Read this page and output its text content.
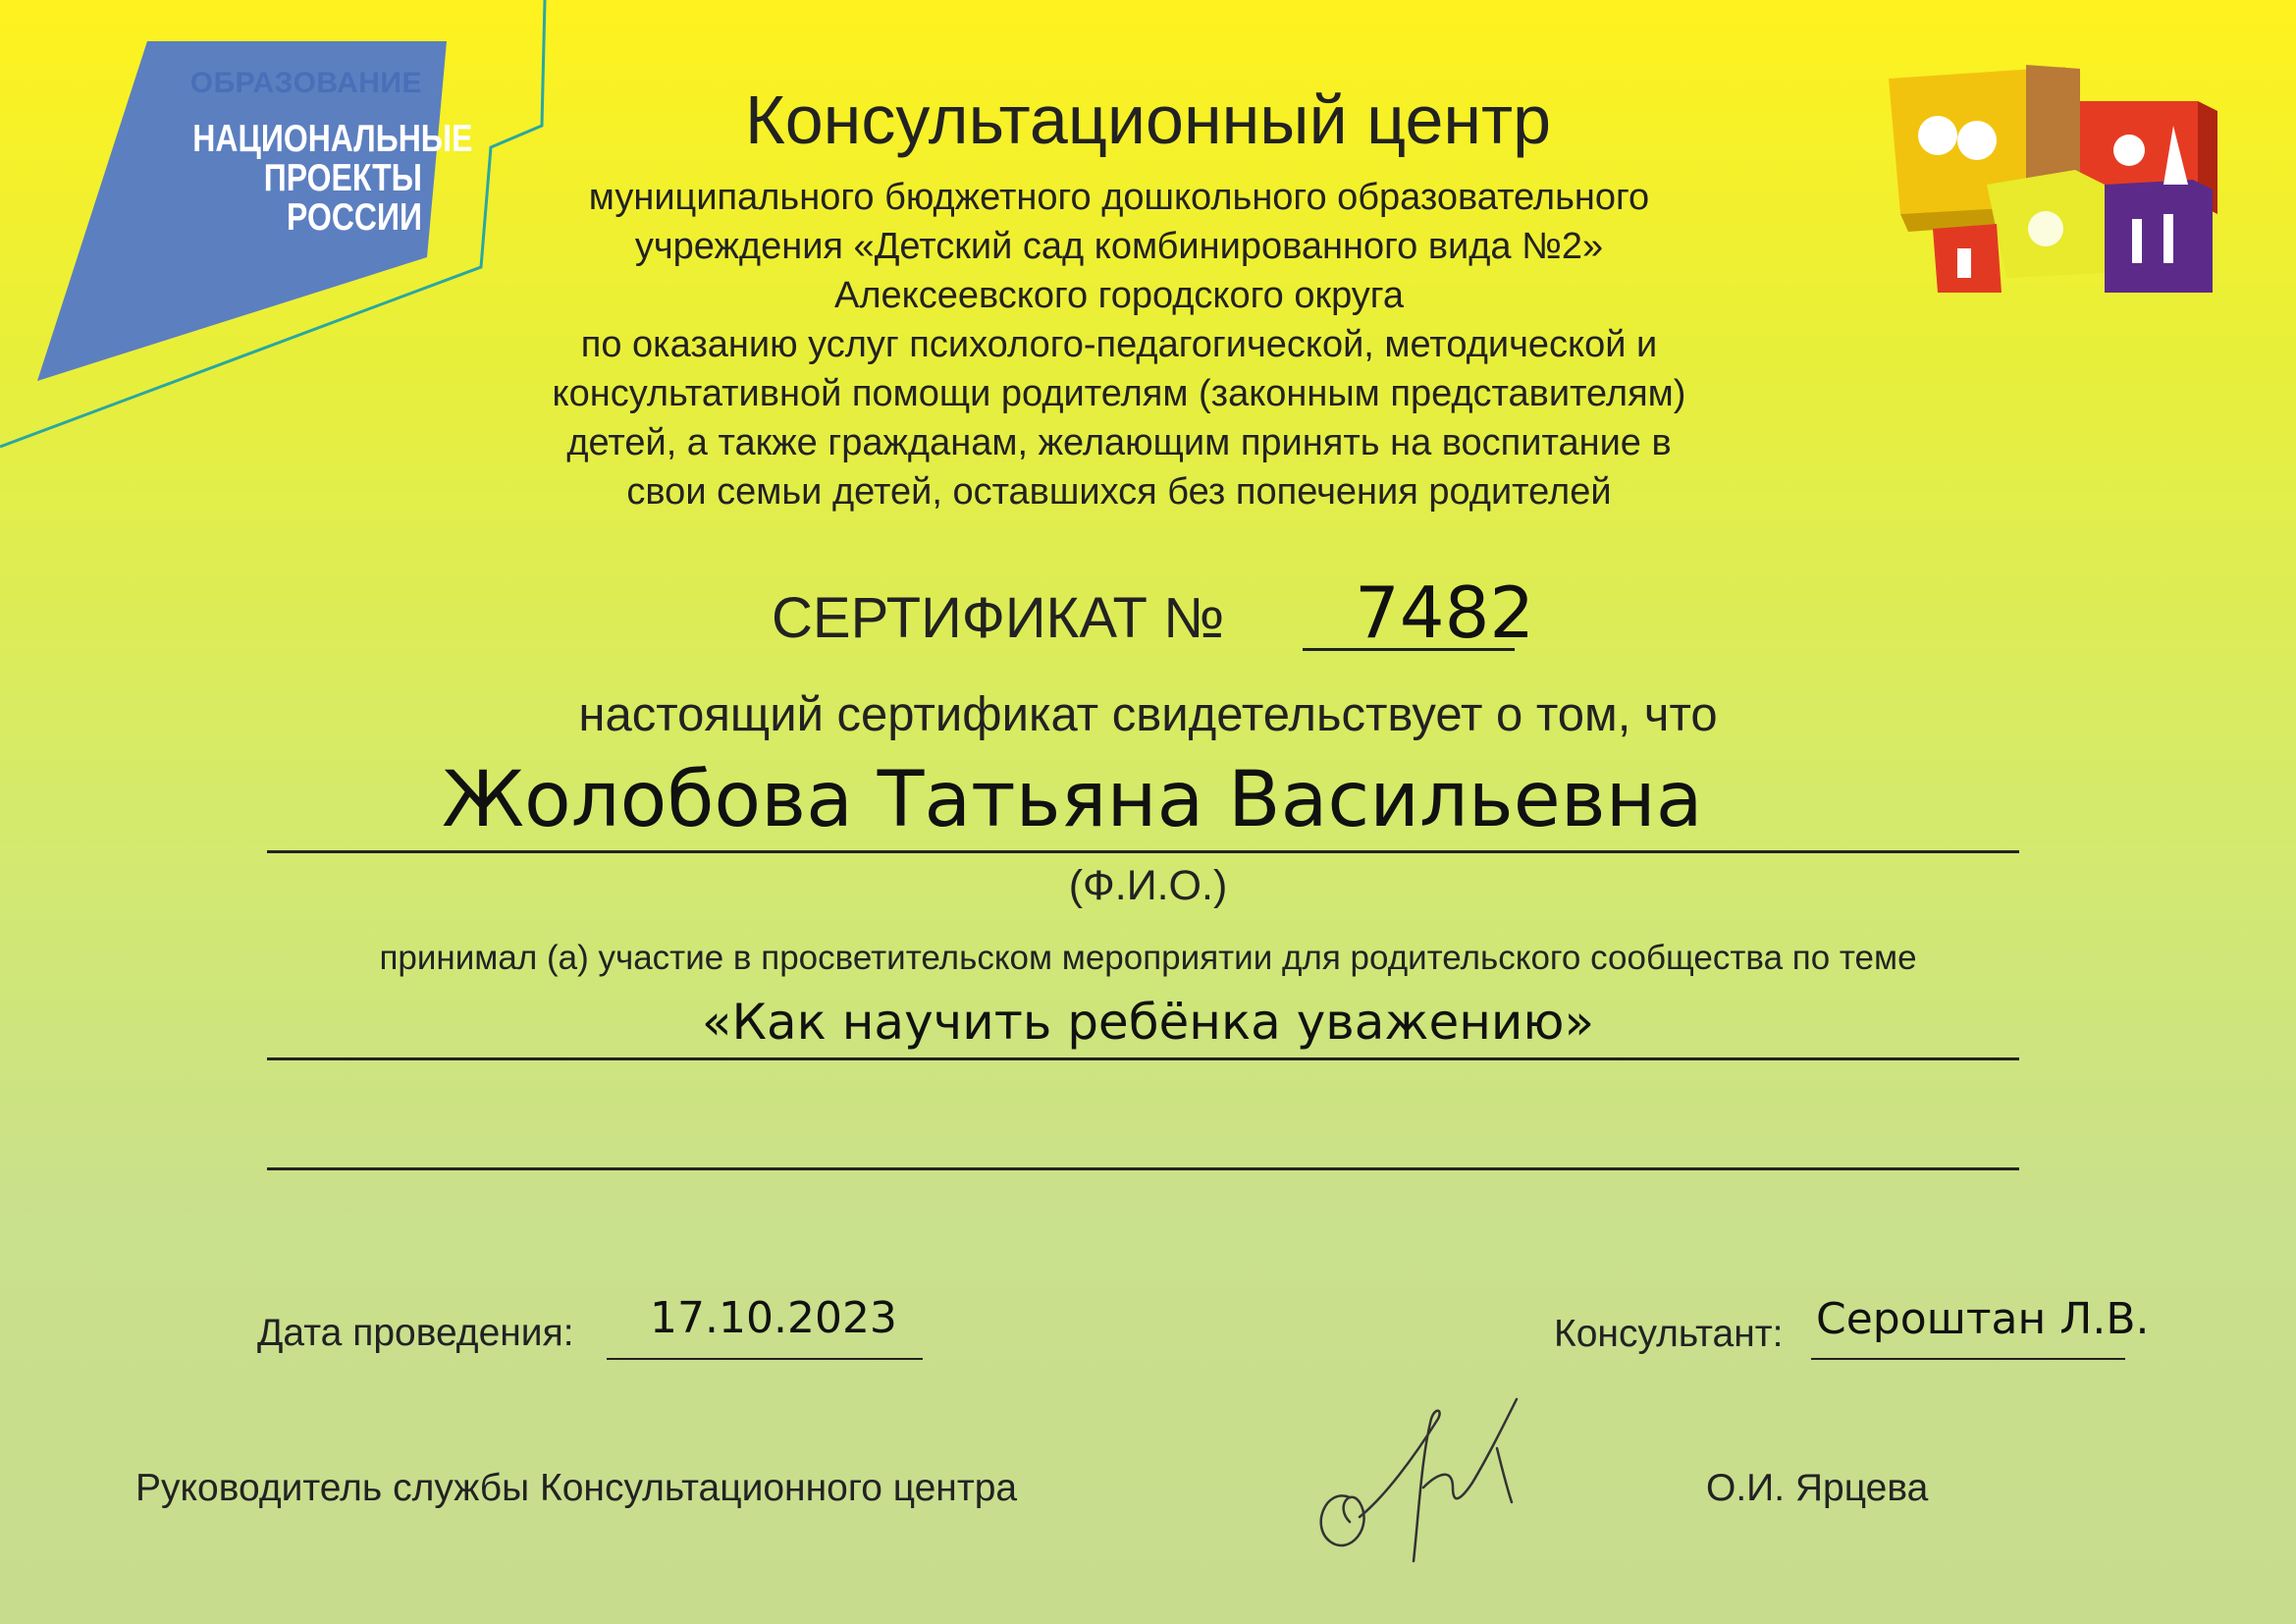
ОБРАЗОВАНИЕ
НАЦИОНАЛЬНЫЕ
ПРОЕКТЫ
РОССИИ
Консультационный центр
муниципального бюджетного дошкольного образовательного
учреждения «Детский сад комбинированного вида №2»
Алексеевского городского округа
по оказанию услуг психолого-педагогической, методической и
консультативной помощи родителям (законным представителям)
детей, а также гражданам, желающим принять на воспитание в
свои семьи детей, оставшихся без попечения родителей
СЕРТИФИКАТ № 7482
настоящий сертификат свидетельствует о том, что
Жолобова Татьяна Васильевна
(Ф.И.О.)
принимал (а) участие в просветительском мероприятии для родительского сообщества по теме
«Как научить ребёнка уважению»
Дата проведения: 17.10.2023	Консультант: Сероштан Л.В.
Руководитель службы Консультационного центра	О.И. Ярцева
